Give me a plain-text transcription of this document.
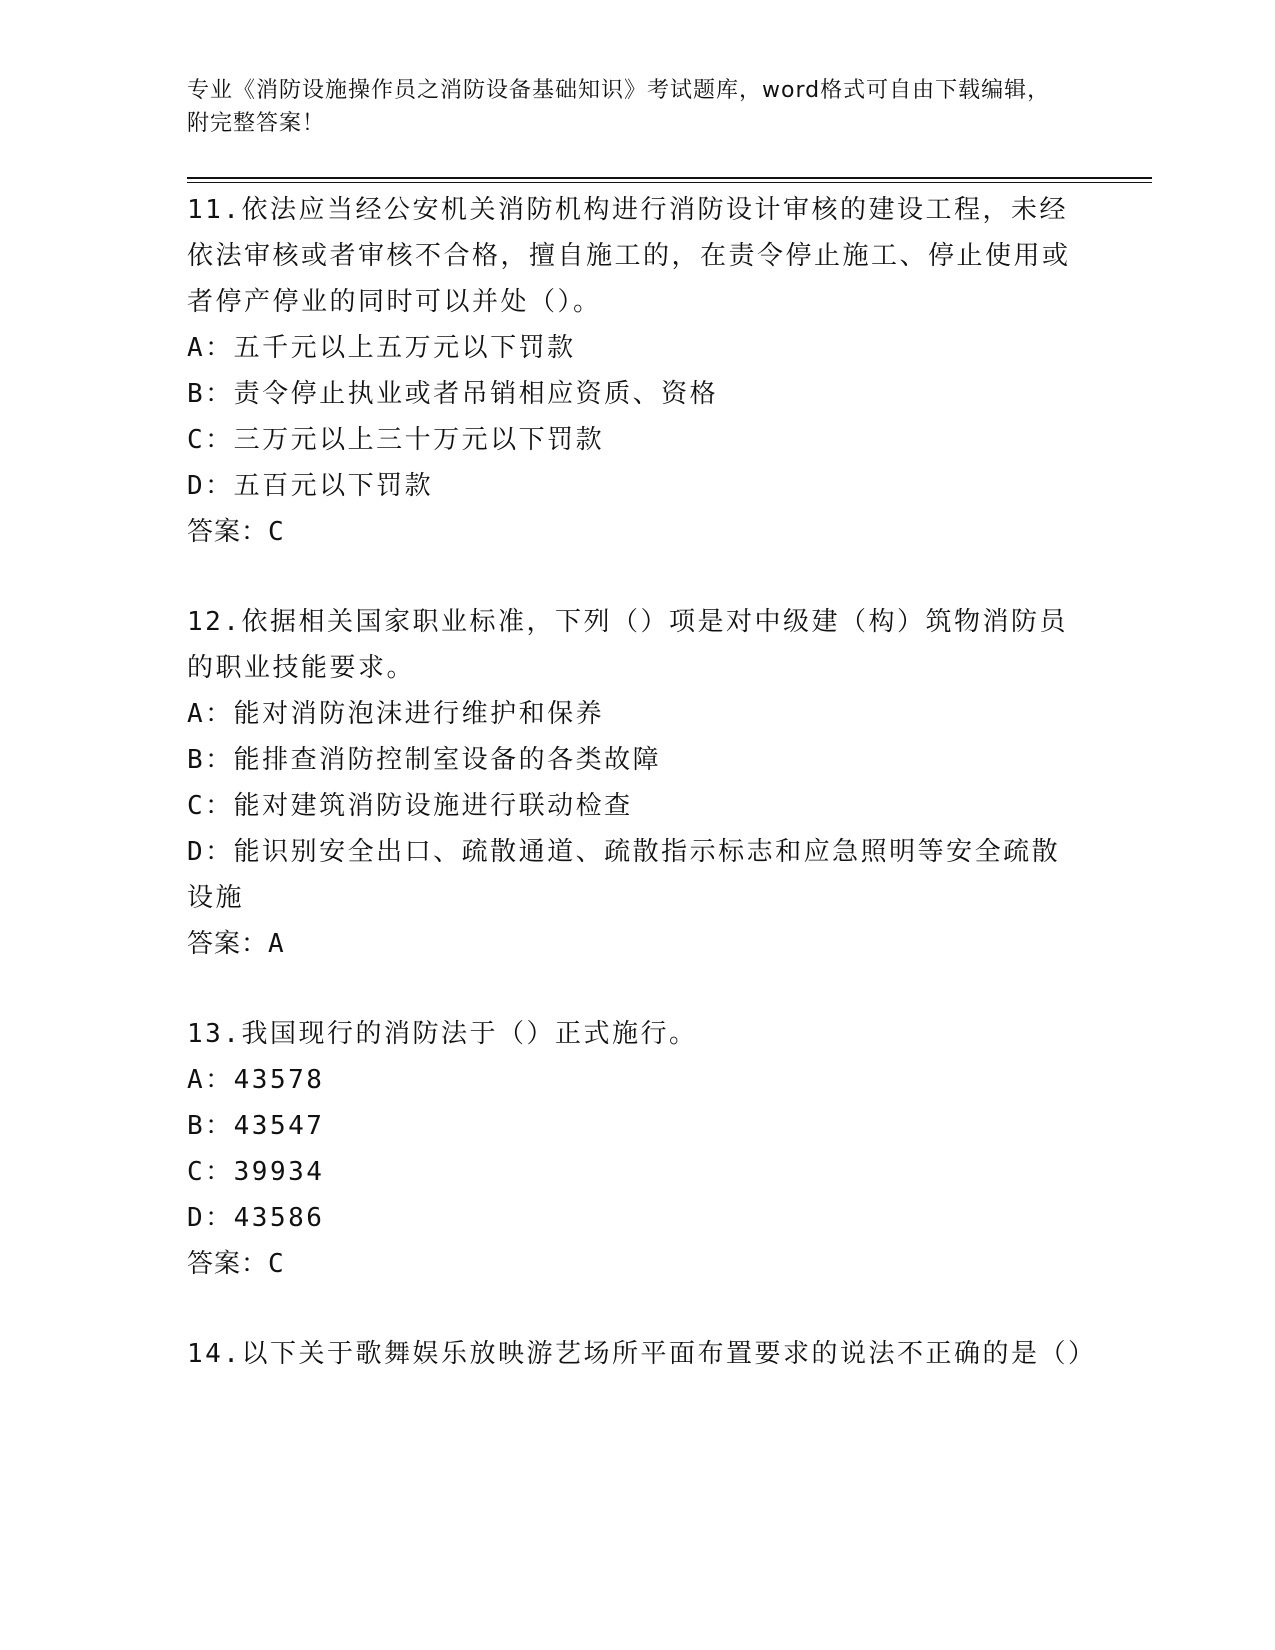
专业《消防设施操作员之消防设备基础知识》考试题库，word格式可自由下载编辑，附完整答案！
11.依法应当经公安机关消防机构进行消防设计审核的建设工程，未经依法审核或者审核不合格，擅自施工的，在责令停止施工、停止使用或者停产停业的同时可以并处（）。
A：五千元以上五万元以下罚款
B：责令停止执业或者吊销相应资质、资格
C：三万元以上三十万元以下罚款
D：五百元以下罚款
答案：C
12.依据相关国家职业标准，下列（）项是对中级建（构）筑物消防员的职业技能要求。
A：能对消防泡沫进行维护和保养
B：能排查消防控制室设备的各类故障
C：能对建筑消防设施进行联动检查
D：能识别安全出口、疏散通道、疏散指示标志和应急照明等安全疏散设施
答案：A
13.我国现行的消防法于（）正式施行。
A：43578
B：43547
C：39934
D：43586
答案：C
14.以下关于歌舞娱乐放映游艺场所平面布置要求的说法不正确的是（）
